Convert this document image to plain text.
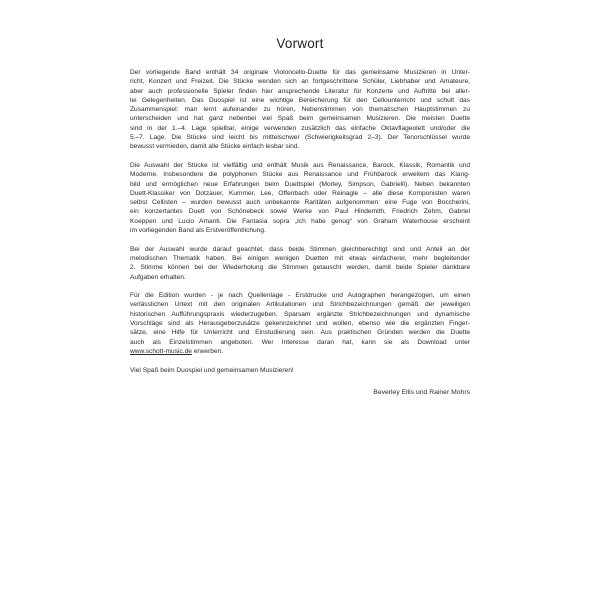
Vorwort
Der vorliegende Band enthält 34 originale Violoncello-Duette für das gemeinsame Musizieren in Unter-
richt, Konzert und Freizeit. Die Stücke wenden sich an fortgeschrittene Schüler, Liebhaber und Amateure,
aber auch professionelle Spieler finden hier ansprechende Literatur für Konzerte und Auftritte bei aller-
lei Gelegenheiten. Das Duospiel ist eine wichtige Bereicherung für den Cellounterricht und schult das
Zusammenspiel: man lernt aufeinander zu hören, Nebenstimmen von thematischen Hauptstimmen zu
unterscheiden und hat ganz nebenbei viel Spaß beim gemeinsamen Musizieren. Die meisten Duette
sind in der 1.–4. Lage spielbar, einige verwenden zusätzlich das einfache Oktavflageolett und/oder die
5.–7. Lage. Die Stücke sind leicht bis mittelschwer (Schwierigkeitsgrad 2–3). Der Tenorschlüssel wurde
bewusst vermieden, damit alle Stücke einfach lesbar sind.
Die Auswahl der Stücke ist vielfältig und enthält Musik aus Renaissance, Barock, Klassik, Romantik und
Moderne. Insbesondere die polyphonen Stücke aus Renaissance und Frühbarock erweitern das Klang-
bild und ermöglichen neue Erfahrungen beim Duettspiel (Morley, Simpson, Gabrielli). Neben bekannten
Duett-Klassiker von Dotzauer, Kummer, Lee, Offenbach oder Reinagle – alle diese Komponisten waren
selbst Cellisten – wurden bewusst auch unbekannte Raritäten aufgenommen: eine Fuge von Boccherini,
ein konzertantes Duett von Schönebeck sowie Werke von Paul Hindemith, Friedrich Zehm, Gabriel
Koeppen und Lucio Amanti. Die Fantasia sopra „Ich habe genug“ von Graham Waterhouse erscheint
im vorliegenden Band als Erstveröffentlichung.
Bei der Auswahl wurde darauf geachtet, dass beide Stimmen gleichberechtigt sind und Anteil an der
melodischen Thematik haben. Bei einigen wenigen Duetten mit etwas einfacherer, mehr begleitender
2. Stimme können bei der Wiederholung die Stimmen getauscht werden, damit beide Spieler dankbare
Aufgaben erhalten.
Für die Edition wurden - je nach Quellenlage - Erstdrucke und Autographen herangezogen, um einen
verlässlichen Urtext mit den originalen Artikulationen und Strichbezeichnungen gemäß der jeweiligen
historischen Aufführungspraxis wiederzugeben. Sparsam ergänzte Strichbezeichnungen und dynamische
Vorschläge sind als Herausgeberzusätze gekennzeichnet und wollen, ebenso wie die ergänzten Finger-
sätze, eine Hilfe für Unterricht und Einstudierung sein. Aus praktischen Gründen werden die Duette
auch als Einzelstimmen angeboten. Wer Interesse daran hat, kann sie als Download unter
www.schott-music.de erwerben.
Viel Spaß beim Duospiel und gemeinsamen Musizieren!
Beverley Ellis und Rainer Mohrs
